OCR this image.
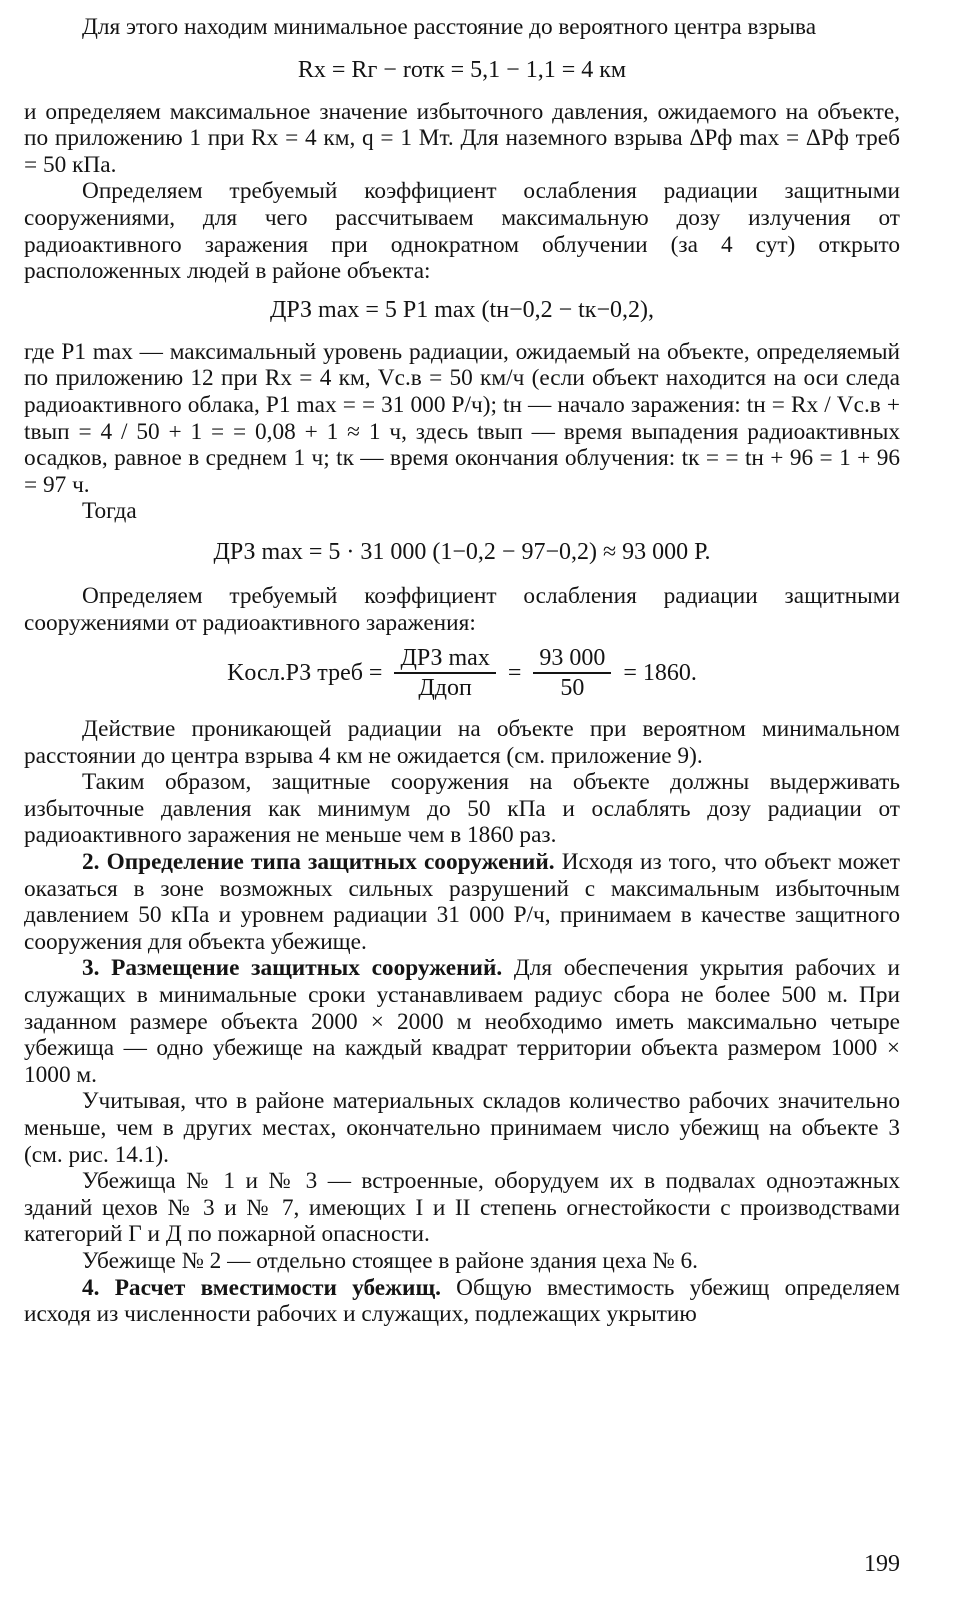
Для этого находим минимальное расстояние до вероятного центра взрыва

Rх = Rг − rотк = 5,1 − 1,1 = 4 км

и определяем максимальное значение избыточного давления, ожидаемого на объекте, по приложению 1 при Rх = 4 км, q = 1 Мт. Для наземного взрыва ΔPф max = ΔPф треб = 50 кПа.

Определяем требуемый коэффициент ослабления радиации защитными сооружениями, для чего рассчитываем максимальную дозу излучения от радиоактивного заражения при однократном облучении (за 4 сут) открыто расположенных людей в районе объекта:

ДРЗ max = 5 Р1 max (tн−0,2 − tк−0,2),

где Р1 max — максимальный уровень радиации, ожидаемый на объекте, определяемый по приложению 12 при Rх = 4 км, Vс.в = 50 км/ч (если объект находится на оси следа радиоактивного облака, Р1 max = = 31 000 Р/ч); tн — начало заражения: tн = Rх / Vс.в + tвып = 4 / 50 + 1 = = 0,08 + 1 ≈ 1 ч, здесь tвып — время выпадения радиоактивных осадков, равное в среднем 1 ч; tк — время окончания облучения: tк = = tн + 96 = 1 + 96 = 97 ч.

Тогда

ДРЗ max = 5 · 31 000 (1−0,2 − 97−0,2) ≈ 93 000 Р.

Определяем требуемый коэффициент ослабления радиации защитными сооружениями от радиоактивного заражения:

Kосл.РЗ треб = $\frac{\text{ДРЗ max}}{\text{Ддоп}} = \frac{93 000}{50} = 1860$.

Действие проникающей радиации на объекте при вероятном минимальном расстоянии до центра взрыва 4 км не ожидается (см. приложение 9).

Таким образом, защитные сооружения на объекте должны выдерживать избыточные давления как минимум до 50 кПа и ослаблять дозу радиации от радиоактивного заражения не меньше чем в 1860 раз.

2. Определение типа защитных сооружений. Исходя из того, что объект может оказаться в зоне возможных сильных разрушений с максимальным избыточным давлением 50 кПа и уровнем радиации 31 000 Р/ч, принимаем в качестве защитного сооружения для объекта убежище.

3. Размещение защитных сооружений. Для обеспечения укрытия рабочих и служащих в минимальные сроки устанавливаем радиус сбора не более 500 м. При заданном размере объекта 2000 × 2000 м необходимо иметь максимально четыре убежища — одно убежище на каждый квадрат территории объекта размером 1000 × 1000 м.

Учитывая, что в районе материальных складов количество рабочих значительно меньше, чем в других местах, окончательно принимаем число убежищ на объекте 3 (см. рис. 14.1).

Убежища № 1 и № 3 — встроенные, оборудуем их в подвалах одноэтажных зданий цехов № 3 и № 7, имеющих I и II степень огнестойкости с производствами категорий Г и Д по пожарной опасности.

Убежище № 2 — отдельно стоящее в районе здания цеха № 6.

4. Расчет вместимости убежищ. Общую вместимость убежищ определяем исходя из численности рабочих и служащих, подлежащих укрытию

199
